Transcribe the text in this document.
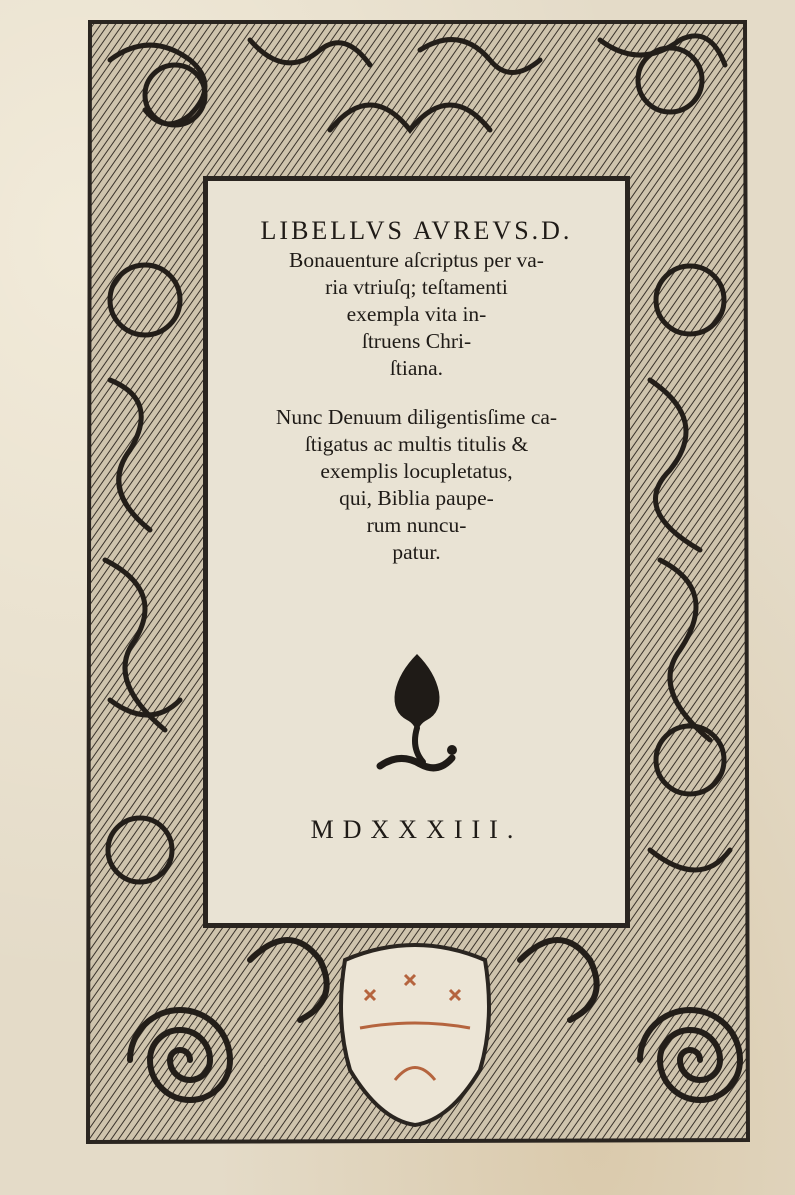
LIBELLVS AVREVS.D.
Bonauenture aſcriptus per va-
ria vtriuſq; teſtamenti
exempla vita in-
ſtruens Chri-
ſtiana.
Nunc Denuum diligentisſime ca-
ſtigatus ac multis titulis &
exemplis locupletatus,
qui, Biblia paupe-
rum nuncu-
patur.
MDXXXIII.
